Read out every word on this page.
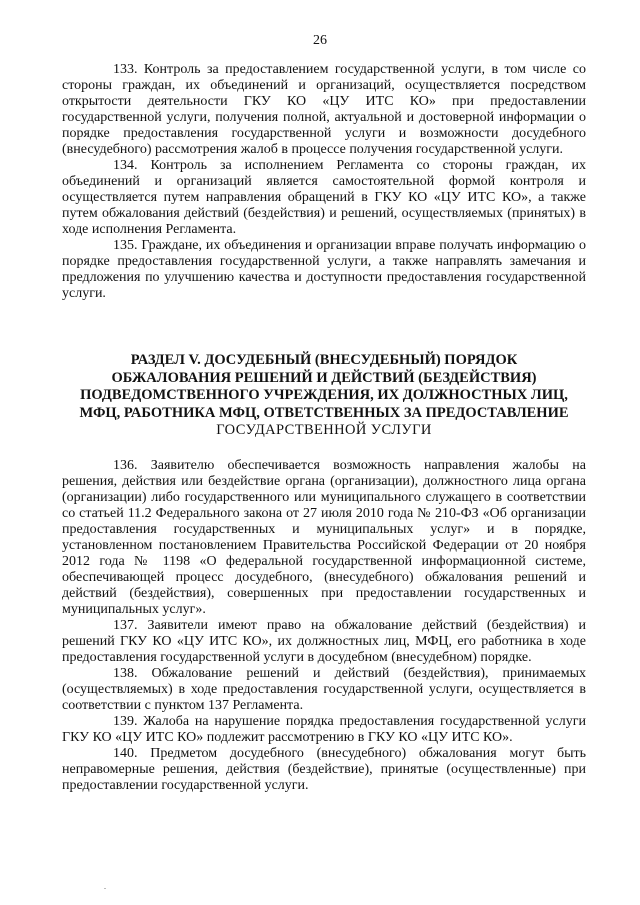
26

133. Контроль за предоставлением государственной услуги, в том числе со стороны граждан, их объединений и организаций, осуществляется посредством открытости деятельности ГКУ КО «ЦУ ИТС КО» при предоставлении государственной услуги, получения полной, актуальной и достоверной информации о порядке предоставления государственной услуги и возможности досудебного (внесудебного) рассмотрения жалоб в процессе получения государственной услуги.

134. Контроль за исполнением Регламента со стороны граждан, их объединений и организаций является самостоятельной формой контроля и осуществляется путем направления обращений в ГКУ КО «ЦУ ИТС КО», а также путем обжалования действий (бездействия) и решений, осуществляемых (принятых) в ходе исполнения Регламента.

135. Граждане, их объединения и организации вправе получать информацию о порядке предоставления государственной услуги, а также направлять замечания и предложения по улучшению качества и доступности предоставления государственной услуги.

РАЗДЕЛ V. ДОСУДЕБНЫЙ (ВНЕСУДЕБНЫЙ) ПОРЯДОК
ОБЖАЛОВАНИЯ РЕШЕНИЙ И ДЕЙСТВИЙ (БЕЗДЕЙСТВИЯ)
ПОДВЕДОМСТВЕННОГО УЧРЕЖДЕНИЯ, ИХ ДОЛЖНОСТНЫХ ЛИЦ,
МФЦ, РАБОТНИКА МФЦ, ОТВЕТСТВЕННЫХ ЗА ПРЕДОСТАВЛЕНИЕ
ГОСУДАРСТВЕННОЙ УСЛУГИ

136. Заявителю обеспечивается возможность направления жалобы на решения, действия или бездействие органа (организации), должностного лица органа (организации) либо государственного или муниципального служащего в соответствии со статьей 11.2 Федерального закона от 27 июля 2010 года № 210-ФЗ «Об организации предоставления государственных и муниципальных услуг» и в порядке, установленном постановлением Правительства Российской Федерации от 20 ноября 2012 года № 1198 «О федеральной государственной информационной системе, обеспечивающей процесс досудебного, (внесудебного) обжалования решений и действий (бездействия), совершенных при предоставлении государственных и муниципальных услуг».

137. Заявители имеют право на обжалование действий (бездействия) и решений ГКУ КО «ЦУ ИТС КО», их должностных лиц, МФЦ, его работника в ходе предоставления государственной услуги в досудебном (внесудебном) порядке.

138. Обжалование решений и действий (бездействия), принимаемых (осуществляемых) в ходе предоставления государственной услуги, осуществляется в соответствии с пунктом 137 Регламента.

139. Жалоба на нарушение порядка предоставления государственной услуги ГКУ КО «ЦУ ИТС КО» подлежит рассмотрению в ГКУ КО «ЦУ ИТС КО».

140. Предметом досудебного (внесудебного) обжалования могут быть неправомерные решения, действия (бездействие), принятые (осуществленные) при предоставлении государственной услуги.
